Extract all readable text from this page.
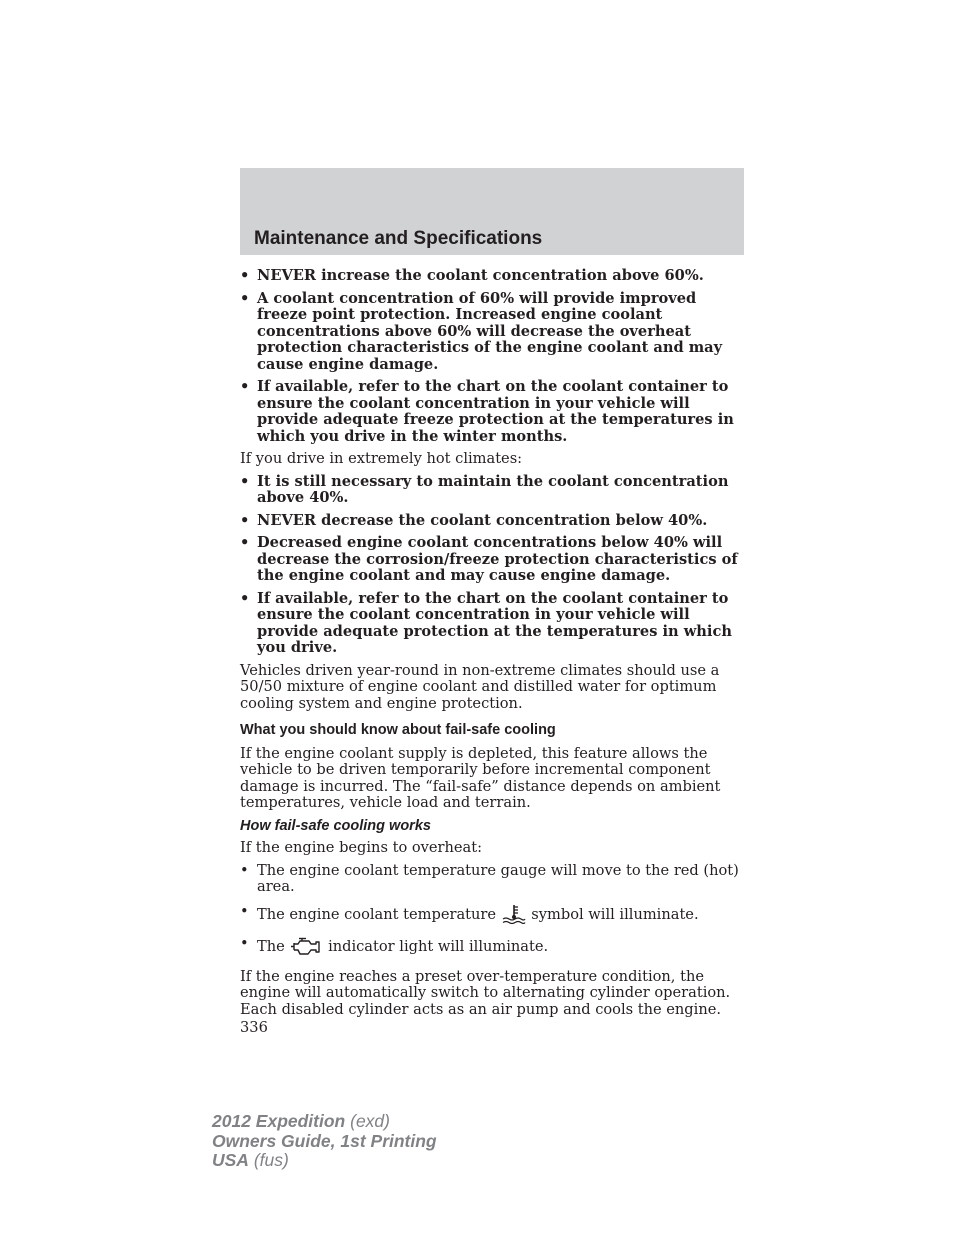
Maintenance and Specifications
• NEVER increase the coolant concentration above 60%.
• A coolant concentration of 60% will provide improved freeze point protection. Increased engine coolant concentrations above 60% will decrease the overheat protection characteristics of the engine coolant and may cause engine damage.
• If available, refer to the chart on the coolant container to ensure the coolant concentration in your vehicle will provide adequate freeze protection at the temperatures in which you drive in the winter months.

If you drive in extremely hot climates:

• It is still necessary to maintain the coolant concentration above 40%.
• NEVER decrease the coolant concentration below 40%.
• Decreased engine coolant concentrations below 40% will decrease the corrosion/freeze protection characteristics of the engine coolant and may cause engine damage.
• If available, refer to the chart on the coolant container to ensure the coolant concentration in your vehicle will provide adequate protection at the temperatures in which you drive.

Vehicles driven year-round in non-extreme climates should use a 50/50 mixture of engine coolant and distilled water for optimum cooling system and engine protection.

What you should know about fail-safe cooling

If the engine coolant supply is depleted, this feature allows the vehicle to be driven temporarily before incremental component damage is incurred. The “fail-safe” distance depends on ambient temperatures, vehicle load and terrain.

How fail-safe cooling works

If the engine begins to overheat:

• The engine coolant temperature gauge will move to the red (hot) area.
• The engine coolant temperature symbol will illuminate.
• The	indicator light will illuminate.

If the engine reaches a preset over-temperature condition, the engine will automatically switch to alternating cylinder operation. Each disabled cylinder acts as an air pump and cools the engine.

336
2012 Expedition (exd)
Owners Guide, 1st Printing
USA (fus)
